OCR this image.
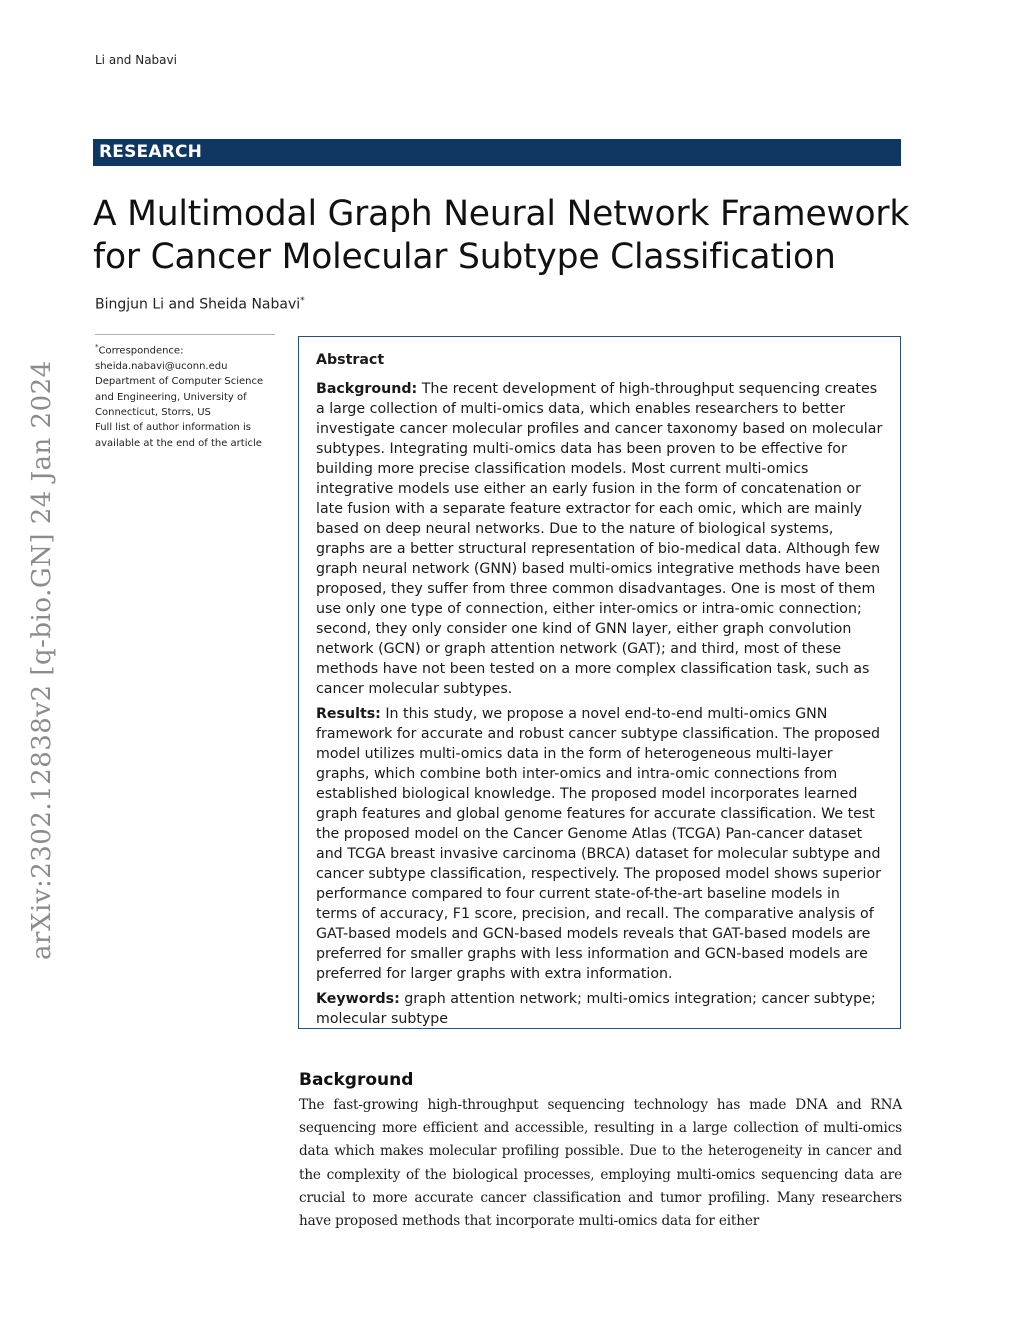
Li and Nabavi
RESEARCH
A Multimodal Graph Neural Network Framework
for Cancer Molecular Subtype Classification
Bingjun Li and Sheida Nabavi*
arXiv:2302.12838v2 [q-bio.GN] 24 Jan 2024
*Correspondence:
sheida.nabavi@uconn.edu
Department of Computer Science
and Engineering, University of
Connecticut, Storrs, US
Full list of author information is
available at the end of the article
Abstract

Background: The recent development of high-throughput sequencing creates a large collection of multi-omics data, which enables researchers to better investigate cancer molecular profiles and cancer taxonomy based on molecular subtypes. Integrating multi-omics data has been proven to be effective for building more precise classification models. Most current multi-omics integrative models use either an early fusion in the form of concatenation or late fusion with a separate feature extractor for each omic, which are mainly based on deep neural networks. Due to the nature of biological systems, graphs are a better structural representation of bio-medical data. Although few graph neural network (GNN) based multi-omics integrative methods have been proposed, they suffer from three common disadvantages. One is most of them use only one type of connection, either inter-omics or intra-omic connection; second, they only consider one kind of GNN layer, either graph convolution network (GCN) or graph attention network (GAT); and third, most of these methods have not been tested on a more complex classification task, such as cancer molecular subtypes.

Results: In this study, we propose a novel end-to-end multi-omics GNN framework for accurate and robust cancer subtype classification. The proposed model utilizes multi-omics data in the form of heterogeneous multi-layer graphs, which combine both inter-omics and intra-omic connections from established biological knowledge. The proposed model incorporates learned graph features and global genome features for accurate classification. We test the proposed model on the Cancer Genome Atlas (TCGA) Pan-cancer dataset and TCGA breast invasive carcinoma (BRCA) dataset for molecular subtype and cancer subtype classification, respectively. The proposed model shows superior performance compared to four current state-of-the-art baseline models in terms of accuracy, F1 score, precision, and recall. The comparative analysis of GAT-based models and GCN-based models reveals that GAT-based models are preferred for smaller graphs with less information and GCN-based models are preferred for larger graphs with extra information.

Keywords: graph attention network; multi-omics integration; cancer subtype; molecular subtype

Background
The fast-growing high-throughput sequencing technology has made DNA and RNA sequencing more efficient and accessible, resulting in a large collection of multi-omics data which makes molecular profiling possible. Due to the heterogeneity in cancer and the complexity of the biological processes, employing multi-omics sequencing data are crucial to more accurate cancer classification and tumor profiling. Many researchers have proposed methods that incorporate multi-omics data for either
